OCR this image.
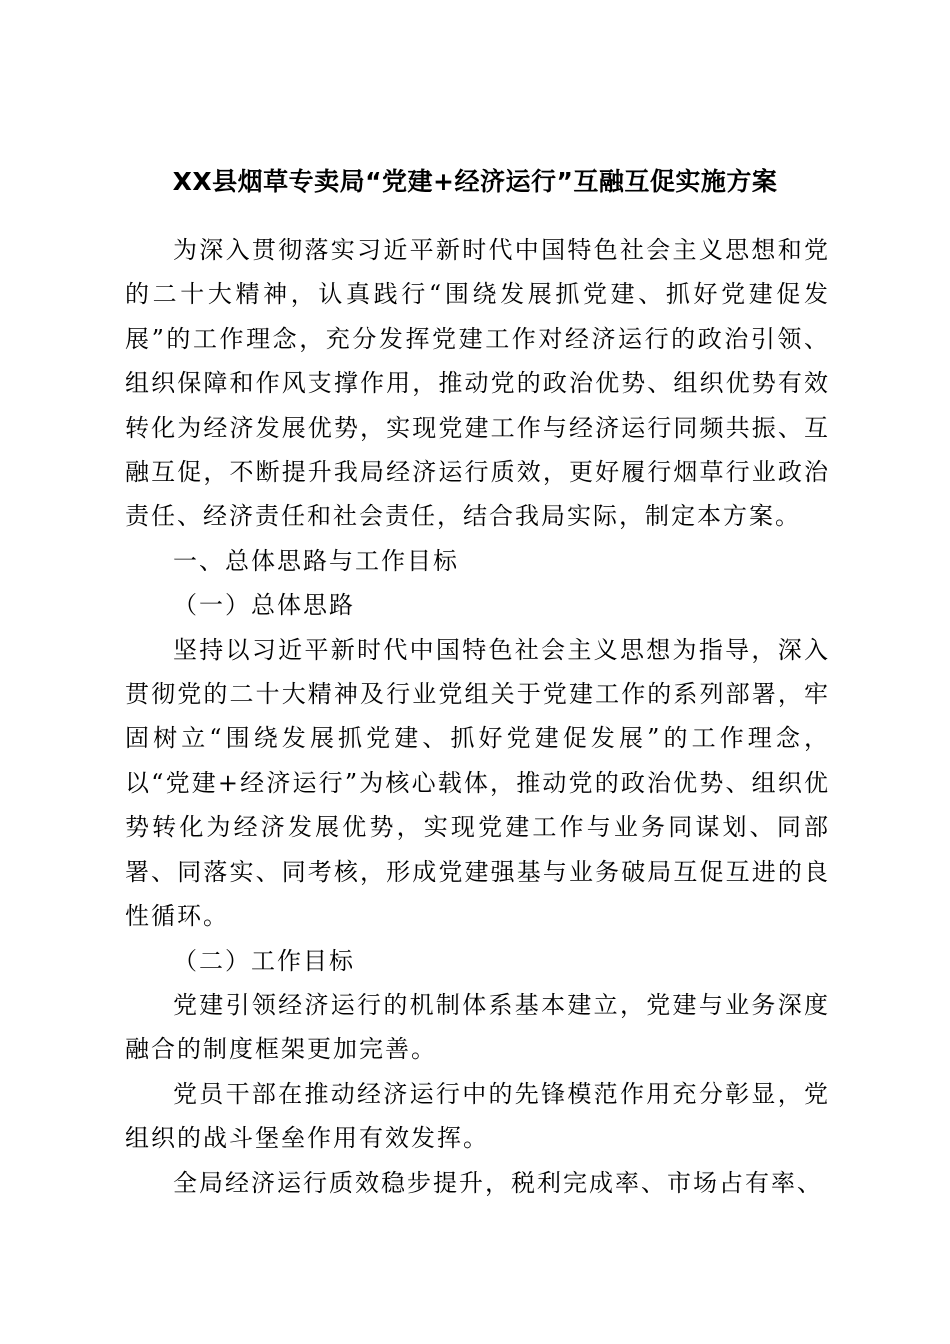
XX县烟草专卖局“党建+经济运行”互融互促实施方案

为深入贯彻落实习近平新时代中国特色社会主义思想和党的二十大精神，认真践行“围绕发展抓党建、抓好党建促发展”的工作理念，充分发挥党建工作对经济运行的政治引领、组织保障和作风支撑作用，推动党的政治优势、组织优势有效转化为经济发展优势，实现党建工作与经济运行同频共振、互融互促，不断提升我局经济运行质效，更好履行烟草行业政治责任、经济责任和社会责任，结合我局实际，制定本方案。

一、总体思路与工作目标

（一）总体思路

坚持以习近平新时代中国特色社会主义思想为指导，深入贯彻党的二十大精神及行业党组关于党建工作的系列部署，牢固树立“围绕发展抓党建、抓好党建促发展”的工作理念，以“党建+经济运行”为核心载体，推动党的政治优势、组织优势转化为经济发展优势，实现党建工作与业务同谋划、同部署、同落实、同考核，形成党建强基与业务破局互促互进的良性循环。

（二）工作目标

党建引领经济运行的机制体系基本建立，党建与业务深度融合的制度框架更加完善。

党员干部在推动经济运行中的先锋模范作用充分彰显，党组织的战斗堡垒作用有效发挥。

全局经济运行质效稳步提升，税利完成率、市场占有率、
